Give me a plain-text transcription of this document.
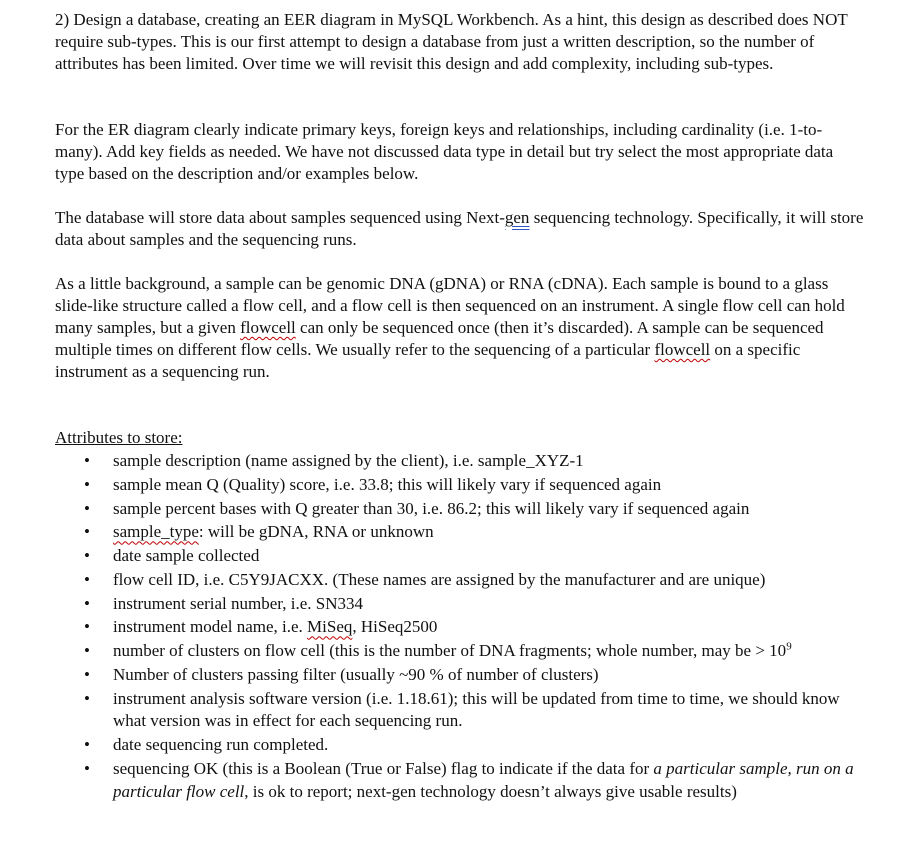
2) Design a database, creating an EER diagram in MySQL Workbench. As a hint, this design as described does NOT require sub-types. This is our first attempt to design a database from just a written description, so the number of attributes has been limited. Over time we will revisit this design and add complexity, including sub-types.

For the ER diagram clearly indicate primary keys, foreign keys and relationships, including cardinality (i.e. 1-to-many). Add key fields as needed. We have not discussed data type in detail but try select the most appropriate data type based on the description and/or examples below.

The database will store data about samples sequenced using Next-gen sequencing technology. Specifically, it will store data about samples and the sequencing runs.

As a little background, a sample can be genomic DNA (gDNA) or RNA (cDNA). Each sample is bound to a glass slide-like structure called a flow cell, and a flow cell is then sequenced on an instrument. A single flow cell can hold many samples, but a given flowcell can only be sequenced once (then it’s discarded). A sample can be sequenced multiple times on different flow cells. We usually refer to the sequencing of a particular flowcell on a specific instrument as a sequencing run.

Attributes to store:

• sample description (name assigned by the client), i.e. sample_XYZ-1
• sample mean Q (Quality) score, i.e. 33.8; this will likely vary if sequenced again
• sample percent bases with Q greater than 30, i.e. 86.2; this will likely vary if sequenced again
• sample_type: will be gDNA, RNA or unknown
• date sample collected
• flow cell ID, i.e. C5Y9JACXX. (These names are assigned by the manufacturer and are unique)
• instrument serial number, i.e. SN334
• instrument model name, i.e. MiSeq, HiSeq2500
• number of clusters on flow cell (this is the number of DNA fragments; whole number, may be > $10^9$
• Number of clusters passing filter (usually ~90 % of number of clusters)
• instrument analysis software version (i.e. 1.18.61); this will be updated from time to time, we should know what version was in effect for each sequencing run.
• date sequencing run completed.
• sequencing OK (this is a Boolean (True or False) flag to indicate if the data for a particular sample, run on a particular flow cell, is ok to report; next-gen technology doesn’t always give usable results)
